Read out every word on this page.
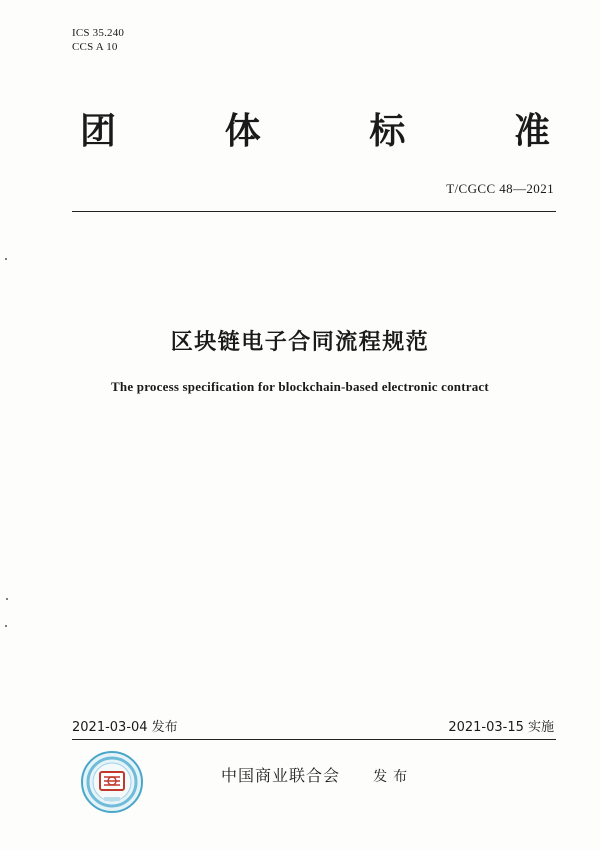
ICS 35.240
CCS A 10
团	体	标	准
T/CGCC 48—2021
区块链电子合同流程规范
The process specification for blockchain-based electronic contract
2021-03-04 发布	2021-03-15 实施
中国商业联合会 发布
